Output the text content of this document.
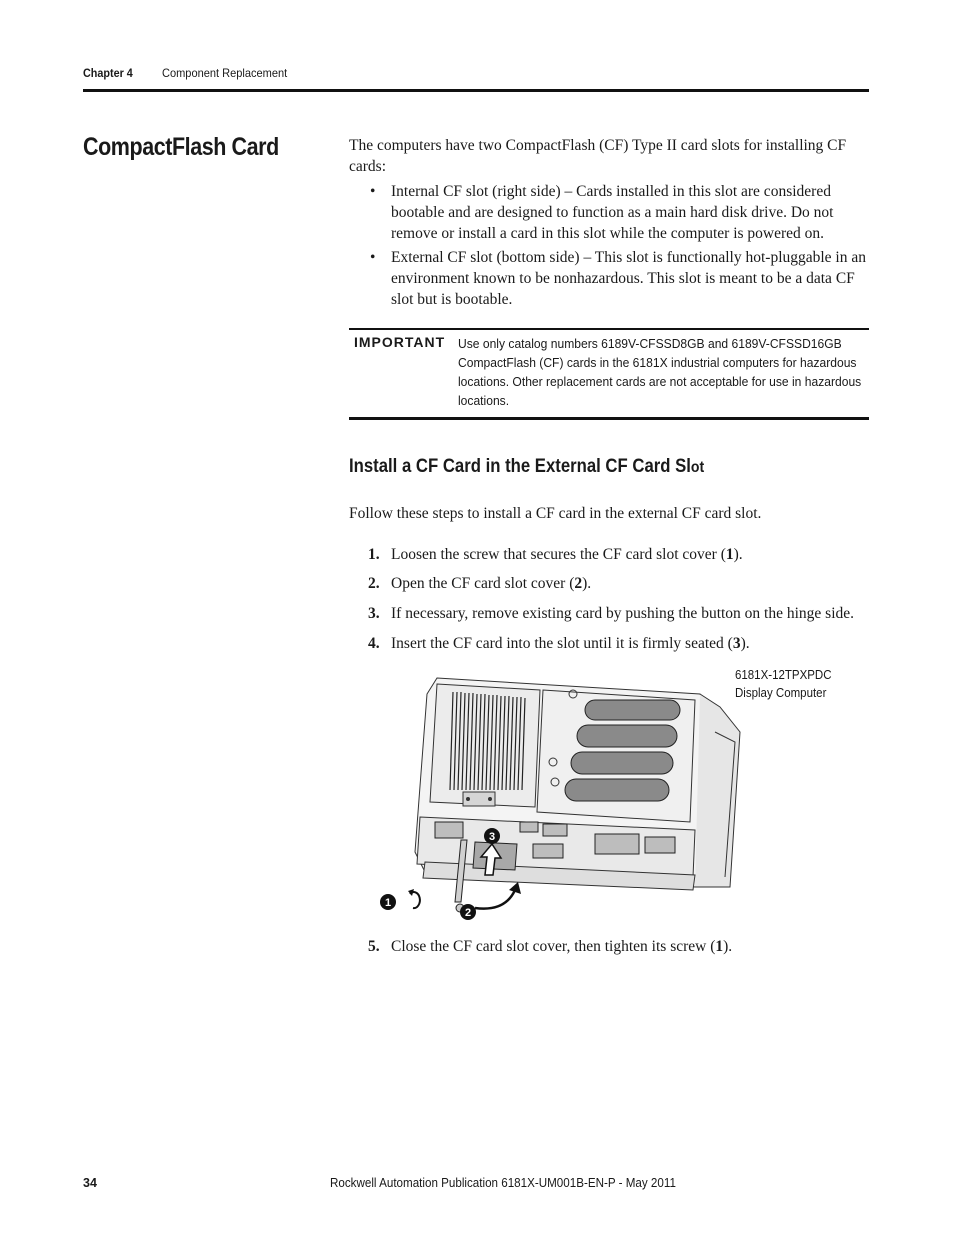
Chapter 4 Component Replacement
CompactFlash Card	The computers have two CompactFlash (CF) Type II card slots for installing CF cards:
• Internal CF slot (right side) – Cards installed in this slot are considered bootable and are designed to function as a main hard disk drive. Do not remove or install a card in this slot while the computer is powered on.
• External CF slot (bottom side) – This slot is functionally hot-pluggable in an environment known to be nonhazardous. This slot is meant to be a data CF slot but is bootable.
IMPORTANT Use only catalog numbers 6189V-CFSSD8GB and 6189V-CFSSD16GB CompactFlash (CF) cards in the 6181X industrial computers for hazardous locations. Other replacement cards are not acceptable for use in hazardous locations.
Install a CF Card in the External CF Card Slot
Follow these steps to install a CF card in the external CF card slot.
1. Loosen the screw that secures the CF card slot cover (1).
2. Open the CF card slot cover (2).
3. If necessary, remove existing card by pushing the button on the hinge side.
4. Insert the CF card into the slot until it is firmly seated (3).
6181X-12TPXPDC
Display Computer
1
2
3
5. Close the CF card slot cover, then tighten its screw (1).
34	Rockwell Automation Publication 6181X-UM001B-EN-P - May 2011
